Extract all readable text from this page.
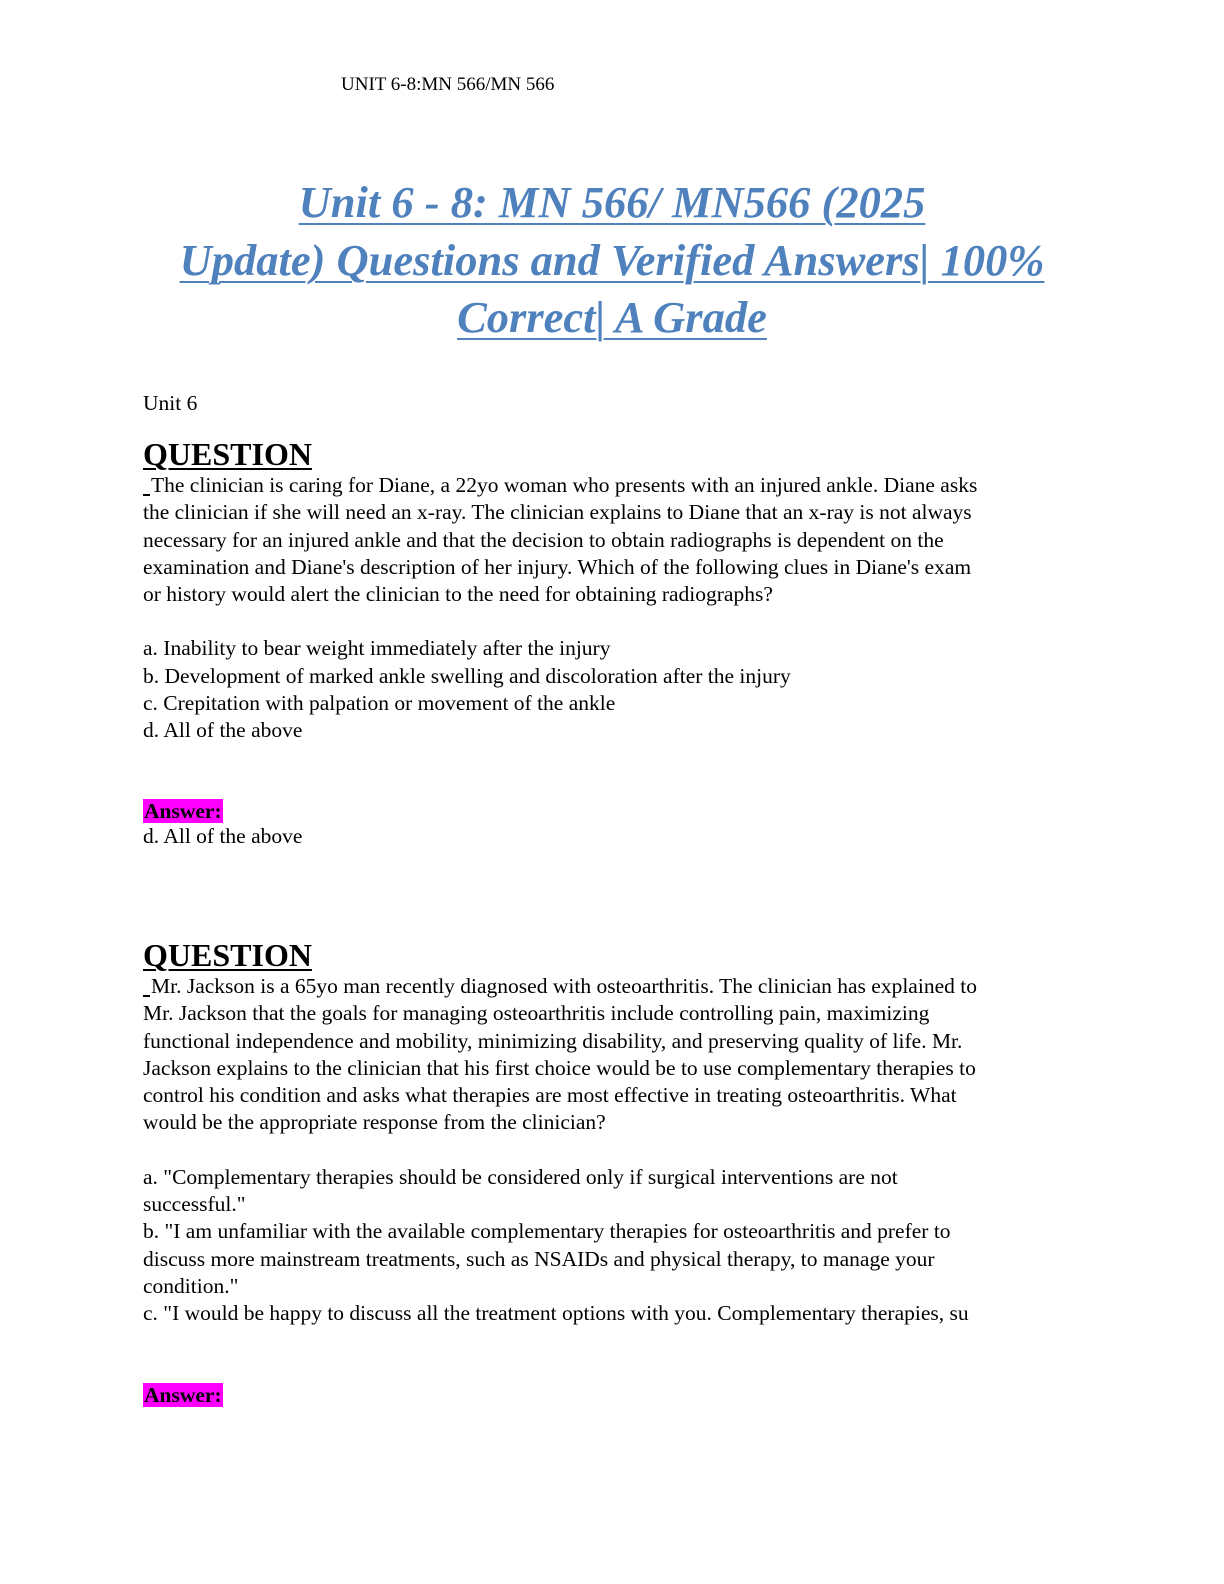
UNIT 6-8:MN 566/MN 566
Unit 6 - 8: MN 566/ MN566 (2025
Update) Questions and Verified Answers| 100%
Correct| A Grade
Unit 6
QUESTION

The clinician is caring for Diane, a 22yo woman who presents with an injured ankle. Diane asks
the clinician if she will need an x-ray. The clinician explains to Diane that an x-ray is not always
necessary for an injured ankle and that the decision to obtain radiographs is dependent on the
examination and Diane's description of her injury. Which of the following clues in Diane's exam
or history would alert the clinician to the need for obtaining radiographs?

a. Inability to bear weight immediately after the injury
b. Development of marked ankle swelling and discoloration after the injury
c. Crepitation with palpation or movement of the ankle
d. All of the above
Answer:
d. All of the above
QUESTION

Mr. Jackson is a 65yo man recently diagnosed with osteoarthritis. The clinician has explained to
Mr. Jackson that the goals for managing osteoarthritis include controlling pain, maximizing
functional independence and mobility, minimizing disability, and preserving quality of life. Mr.
Jackson explains to the clinician that his first choice would be to use complementary therapies to
control his condition and asks what therapies are most effective in treating osteoarthritis. What
would be the appropriate response from the clinician?

a. "Complementary therapies should be considered only if surgical interventions are not
successful."
b. "I am unfamiliar with the available complementary therapies for osteoarthritis and prefer to
discuss more mainstream treatments, such as NSAIDs and physical therapy, to manage your
condition."
c. "I would be happy to discuss all the treatment options with you. Complementary therapies, su
Answer:
